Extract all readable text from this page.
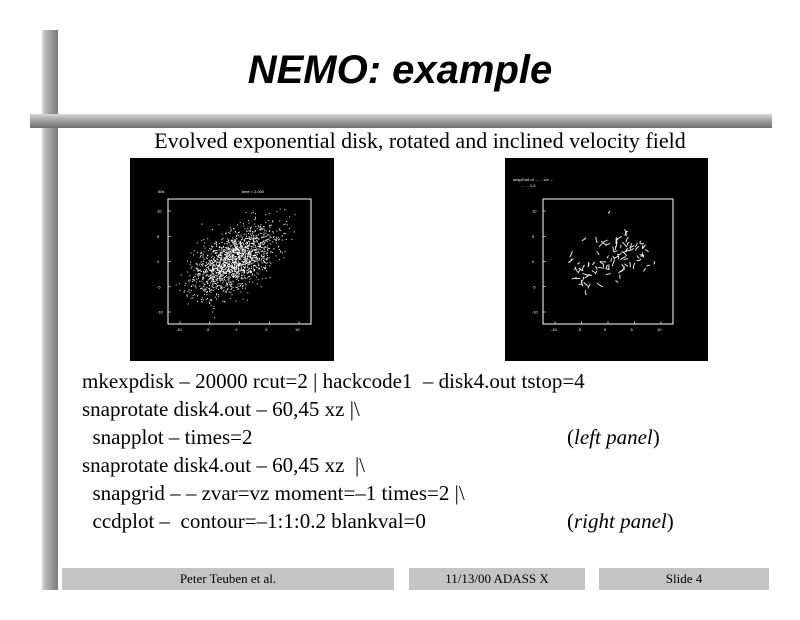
NEMO: example
Evolved exponential disk, rotated and inclined velocity field
60k	time = 2.000
10
5
0
-5
-10
-10	-5	0	5	10
snapGrid of ... ... v/z ...
... ... 1.0
10
5
0
-5
-10
-10	-5	0	5	10
mkexpdisk – 20000 rcut=2 | hackcode1  – disk4.out tstop=4
snaprotate disk4.out – 60,45 xz |\
snapplot – times=2	(left panel)
snaprotate disk4.out – 60,45 xz  |\
snapgrid – – zvar=vz moment=–1 times=2 |\
ccdplot –  contour=–1:1:0.2 blankval=0	(right panel)
Peter Teuben et al.	11/13/00 ADASS X	Slide 4
